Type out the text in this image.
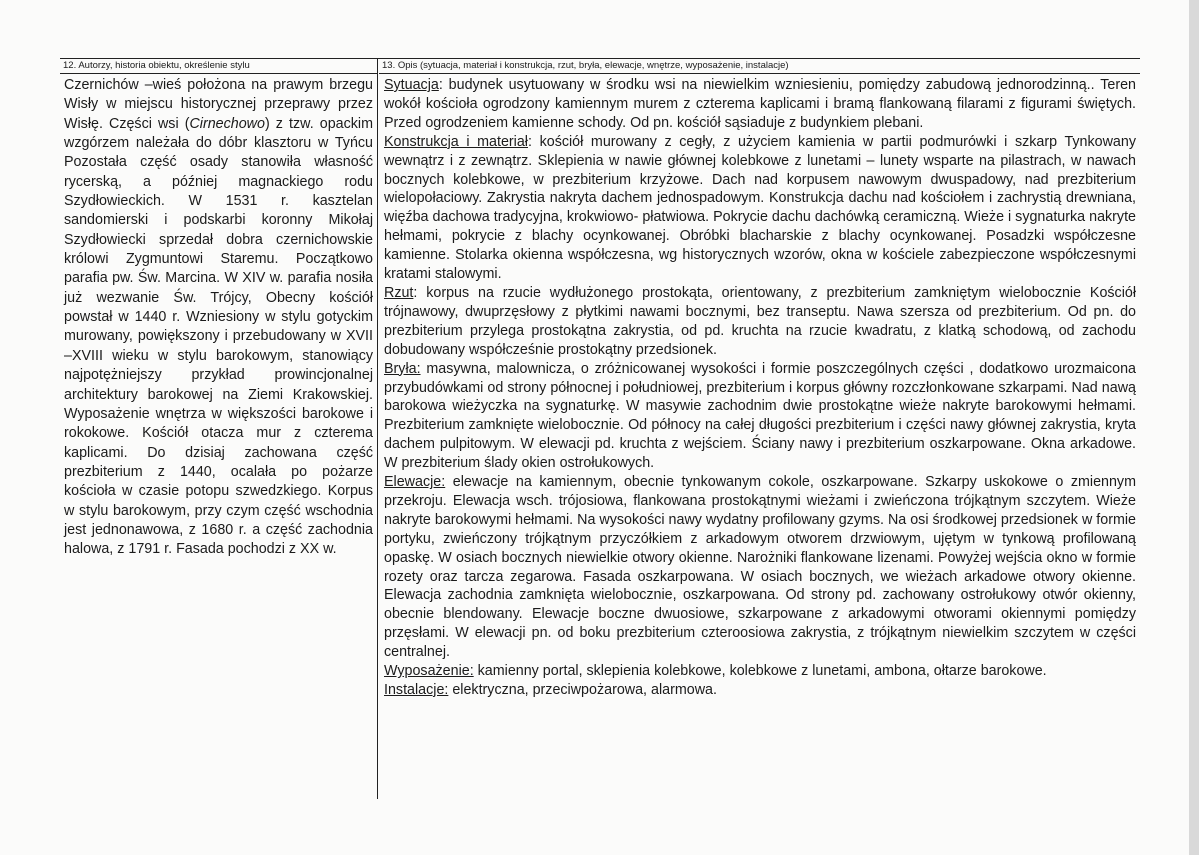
12. Autorzy, historia obiektu, określenie stylu
Czernichów –wieś położona na prawym brzegu Wisły w miejscu historycznej przeprawy przez Wisłę. Części wsi (Cirnechowo) z tzw. opackim wzgórzem należała do dóbr klasztoru w Tyńcu Pozostała część osady stanowiła własność rycerską, a później magnackiego rodu Szydłowieckich. W 1531 r. kasztelan sandomierski i podskarbi koronny Mikołaj Szydłowiecki sprzedał dobra czernichowskie królowi Zygmuntowi Staremu. Początkowo parafia pw. Św. Marcina. W XIV w. parafia nosiła już wezwanie Św. Trójcy, Obecny kościół powstał w 1440 r. Wzniesiony w stylu gotyckim murowany, powiększony i przebudowany w XVII –XVIII wieku w stylu barokowym, stanowiący najpotężniejszy przykład prowincjonalnej architektury barokowej na Ziemi Krakowskiej. Wyposażenie wnętrza w większości barokowe i rokokowe. Kościół otacza mur z czterema kaplicami. Do dzisiaj zachowana część prezbiterium z 1440, ocalała po pożarze kościoła w czasie potopu szwedzkiego. Korpus w stylu barokowym, przy czym część wschodnia jest jednonawowa, z 1680 r. a część zachodnia halowa, z 1791 r. Fasada pochodzi z XX w.
13. Opis (sytuacja, materiał i konstrukcja, rzut, bryła, elewacje, wnętrze, wyposażenie, instalacje)

Sytuacja: budynek usytuowany w środku wsi na niewielkim wzniesieniu, pomiędzy zabudową jednorodzinną.. Teren wokół kościoła ogrodzony kamiennym murem z czterema kaplicami i bramą flankowaną filarami z figurami świętych. Przed ogrodzeniem kamienne schody. Od pn. kościół sąsiaduje z budynkiem plebani.

Konstrukcja i materiał: kościół murowany z cegły, z użyciem kamienia w partii podmurówki i szkarp Tynkowany wewnątrz i z zewnątrz. Sklepienia w nawie głównej kolebkowe z lunetami – lunety wsparte na pilastrach, w nawach bocznych kolebkowe, w prezbiterium krzyżowe. Dach nad korpusem nawowym dwuspadowy, nad prezbiterium wielopołaciowy. Zakrystia nakryta dachem jednospadowym. Konstrukcja dachu nad kościołem i zachrystią drewniana, więźba dachowa tradycyjna, krokwiowo- płatwiowa. Pokrycie dachu dachówką ceramiczną. Wieże i sygnaturka nakryte hełmami, pokrycie z blachy ocynkowanej. Obróbki blacharskie z blachy ocynkowanej. Posadzki współczesne kamienne. Stolarka okienna współczesna, wg historycznych wzorów, okna w kościele zabezpieczone współczesnymi kratami stalowymi.

Rzut: korpus na rzucie wydłużonego prostokąta, orientowany, z prezbiterium zamkniętym wielobocznie Kościół trójnawowy, dwuprzęsłowy z płytkimi nawami bocznymi, bez transeptu. Nawa szersza od prezbiterium. Od pn. do prezbiterium przylega prostokątna zakrystia, od pd. kruchta na rzucie kwadratu, z klatką schodową, od zachodu dobudowany współcześnie prostokątny przedsionek.

Bryła: masywna, malownicza, o zróżnicowanej wysokości i formie poszczególnych części , dodatkowo urozmaicona przybudówkami od strony północnej i południowej, prezbiterium i korpus główny rozczłonkowane szkarpami. Nad nawą barokowa wieżyczka na sygnaturkę. W masywie zachodnim dwie prostokątne wieże nakryte barokowymi hełmami. Prezbiterium zamknięte wielobocznie. Od północy na całej długości prezbiterium i części nawy głównej zakrystia, kryta dachem pulpitowym. W elewacji pd. kruchta z wejściem. Ściany nawy i prezbiterium oszkarpowane. Okna arkadowe. W prezbiterium ślady okien ostrołukowych.

Elewacje: elewacje na kamiennym, obecnie tynkowanym cokole, oszkarpowane. Szkarpy uskokowe o zmiennym przekroju. Elewacja wsch. trójosiowa, flankowana prostokątnymi wieżami i zwieńczona trójkątnym szczytem. Wieże nakryte barokowymi hełmami. Na wysokości nawy wydatny profilowany gzyms. Na osi środkowej przedsionek w formie portyku, zwieńczony trójkątnym przyczółkiem z arkadowym otworem drzwiowym, ujętym w tynkową profilowaną opaskę. W osiach bocznych niewielkie otwory okienne. Narożniki flankowane lizenami. Powyżej wejścia okno w formie rozety oraz tarcza zegarowa. Fasada oszkarpowana. W osiach bocznych, we wieżach arkadowe otwory okienne. Elewacja zachodnia zamknięta wielobocznie, oszkarpowana. Od strony pd. zachowany ostrołukowy otwór okienny, obecnie blendowany. Elewacje boczne dwuosiowe, szkarpowane z arkadowymi otworami okiennymi pomiędzy przęsłami. W elewacji pn. od boku prezbiterium czteroosiowa zakrystia, z trójkątnym niewielkim szczytem w części centralnej.

Wyposażenie: kamienny portal, sklepienia kolebkowe, kolebkowe z lunetami, ambona, ołtarze barokowe.

Instalacje: elektryczna, przeciwpożarowa, alarmowa.
